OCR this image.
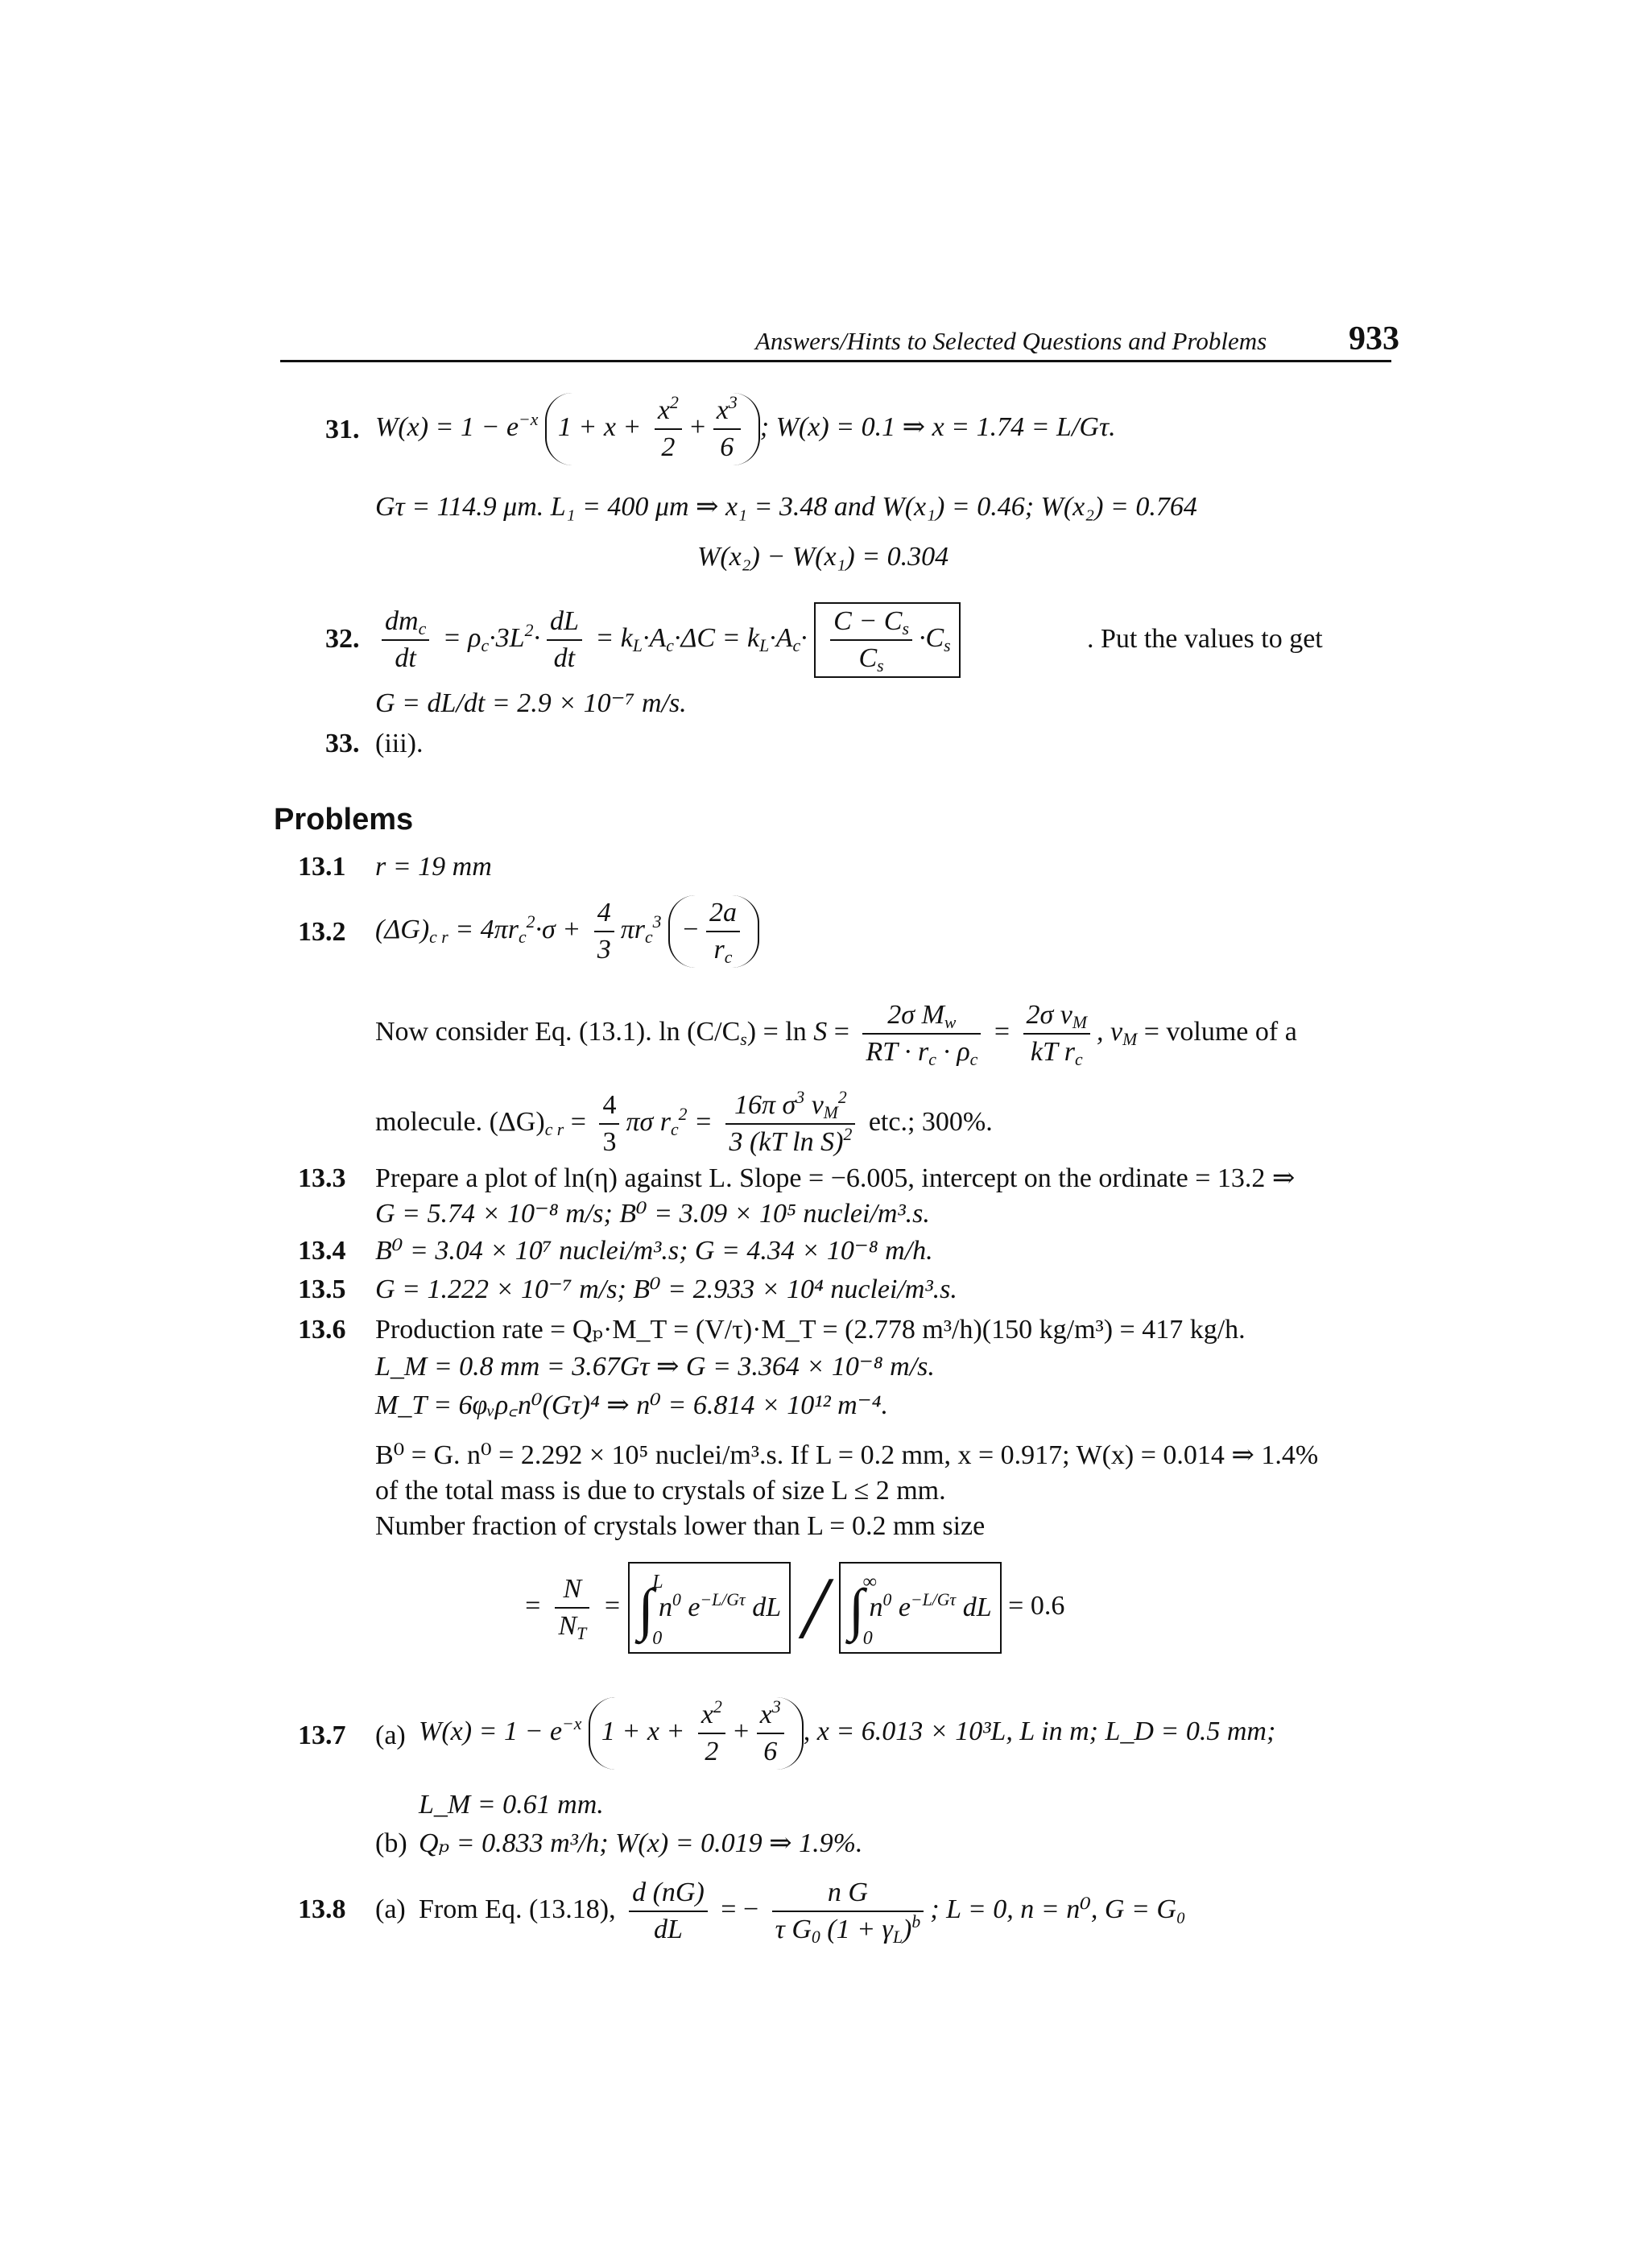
Answers/Hints to Selected Questions and Problems 933
31. $W(x) = 1 - e^{-x}$ $1 + x + \frac{x^2}{2} + \frac{x^3}{6}$ ; W(x) = 0.1 ⇒ x = 1.74 = L/Gτ.
Gτ = 114.9 μm. L₁ = 400 μm ⇒ x₁ = 3.48 and W(x₁) = 0.46; W(x₂) = 0.764
W(x₂) − W(x₁) = 0.304
32. $\frac{dm_c}{dt} = \rho_c\cdot 3L^2\cdot \frac{dL}{dt} = k_L\cdot A_c\cdot\Delta C = k_L\cdot A_c\cdot \frac{C - C_s}{C_s} \cdot C_s$	. Put the values to get
G = dL/dt = 2.9 × 10⁻⁷ m/s.
33. (iii).
Problems
13.1 r = 19 mm
13.2 $(\Delta G)_{c r} = 4\pi r_c^2\cdot\sigma + \frac{4}{3} \pi r_c^3 - \frac{2a}{r_c}$
Now consider Eq. (13.1). $\ln (C/C_s) = \ln S = \frac{2\sigma M_w}{RT \cdot r_c \cdot \rho_c} = \frac{2\sigma v_M}{kT r_c}$ , $v_M$ = volume of a
molecule. $(\Delta G)_{c r} = \frac{4}{3}$ πσ $r_c^2 = \frac{16\pi \sigma^3 v_M^2}{3 (kT \ln S)^2}$ etc.; 300%.
13.3 Prepare a plot of ln(η) against L. Slope = −6.005, intercept on the ordinate = 13.2 ⇒
G = 5.74 × 10⁻⁸ m/s; B⁰ = 3.09 × 10⁵ nuclei/m³.s.
13.4 B⁰ = 3.04 × 10⁷ nuclei/m³.s; G = 4.34 × 10⁻⁸ m/h.
13.5 G = 1.222 × 10⁻⁷ m/s; B⁰ = 2.933 × 10⁴ nuclei/m³.s.
13.6 Production rate = Qₚ·M_T = (V/τ)·M_T = (2.778 m³/h)(150 kg/m³) = 417 kg/h.
L_M = 0.8 mm = 3.67Gτ ⇒ G = 3.364 × 10⁻⁸ m/s.
M_T = 6φᵥρ꜀n⁰(Gτ)⁴ ⇒ n⁰ = 6.814 × 10¹² m⁻⁴.
B⁰ = G. n⁰ = 2.292 × 10⁵ nuclei/m³.s. If L = 0.2 mm, x = 0.917; W(x) = 0.014 ⇒ 1.4%
of the total mass is due to crystals of size L ≤ 2 mm.
Number fraction of crystals lower than L = 0.2 mm size
= $\frac{N}{N_T}$ = ∫
L
0
$n^0$ $e^{-L/G\tau}$ dL / ∫
∞
0
$n^0$ $e^{-L/G\tau}$ dL = 0.6
13.7 (a) $W(x) = 1 - e^{-x}$ $1 + x + \frac{x^2}{2} + \frac{x^3}{6}$ , x = 6.013 × 10³L, L in m; L_D = 0.5 mm;
L_M = 0.61 mm.
(b) Qₚ = 0.833 m³/h; W(x) = 0.019 ⇒ 1.9%.
13.8 (a) From Eq. (13.18), $\frac{d (nG)}{dL}$ = − $\frac{\text{n G}}{\tau G_0 (1 + \gamma_L)^b}$ ; L = 0, n = n⁰, G = G₀
